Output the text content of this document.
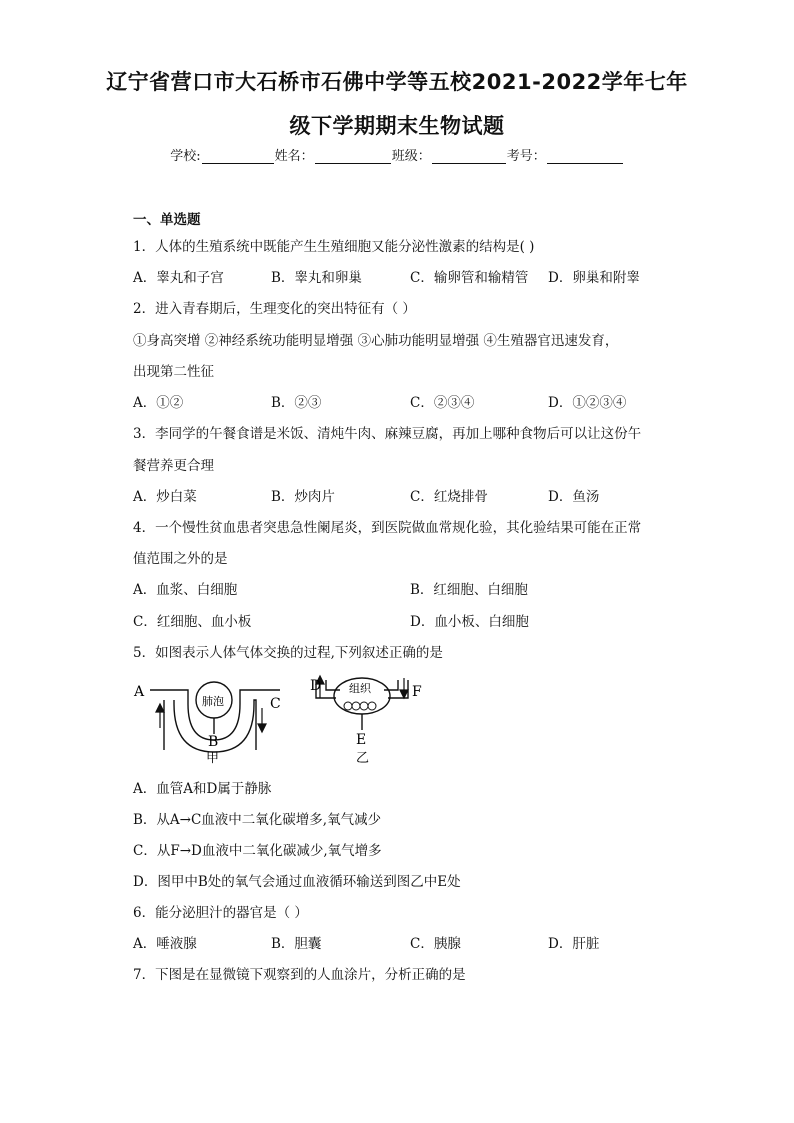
辽宁省营口市大石桥市石佛中学等五校2021-2022学年七年
级下学期期末生物试题
学校:	姓名：	班级：	考号：
一、单选题
1．人体的生殖系统中既能产生生殖细胞又能分泌性激素的结构是( )
A．睾丸和子宫	B．睾丸和卵巢	C．输卵管和输精管 D．卵巢和附睾
2．进入青春期后，生理变化的突出特征有（ ）
①身高突增 ②神经系统功能明显增强 ③心肺功能明显增强 ④生殖器官迅速发育，
出现第二性征
A．①②	B．②③	C．②③④	D．①②③④
3．李同学的午餐食谱是米饭、清炖牛肉、麻辣豆腐，再加上哪种食物后可以让这份午
餐营养更合理
A．炒白菜	B．炒肉片	C．红烧排骨	D．鱼汤
4．一个慢性贫血患者突患急性阑尾炎，到医院做血常规化验，其化验结果可能在正常
值范围之外的是
A．血浆、白细胞	B．红细胞、白细胞
C．红细胞、血小板	D．血小板、白细胞
5．如图表示人体气体交换的过程,下列叙述正确的是
A
C
肺泡
B
甲
组织
D	F
E
乙
A．血管A和D属于静脉
B．从A→C血液中二氧化碳增多,氧气减少
C．从F→D血液中二氧化碳减少,氧气增多
D．图甲中B处的氧气会通过血液循环输送到图乙中E处
6．能分泌胆汁的器官是（ ）
A．唾液腺	B．胆囊	C．胰腺	D．肝脏
7．下图是在显微镜下观察到的人血涂片，分析正确的是
